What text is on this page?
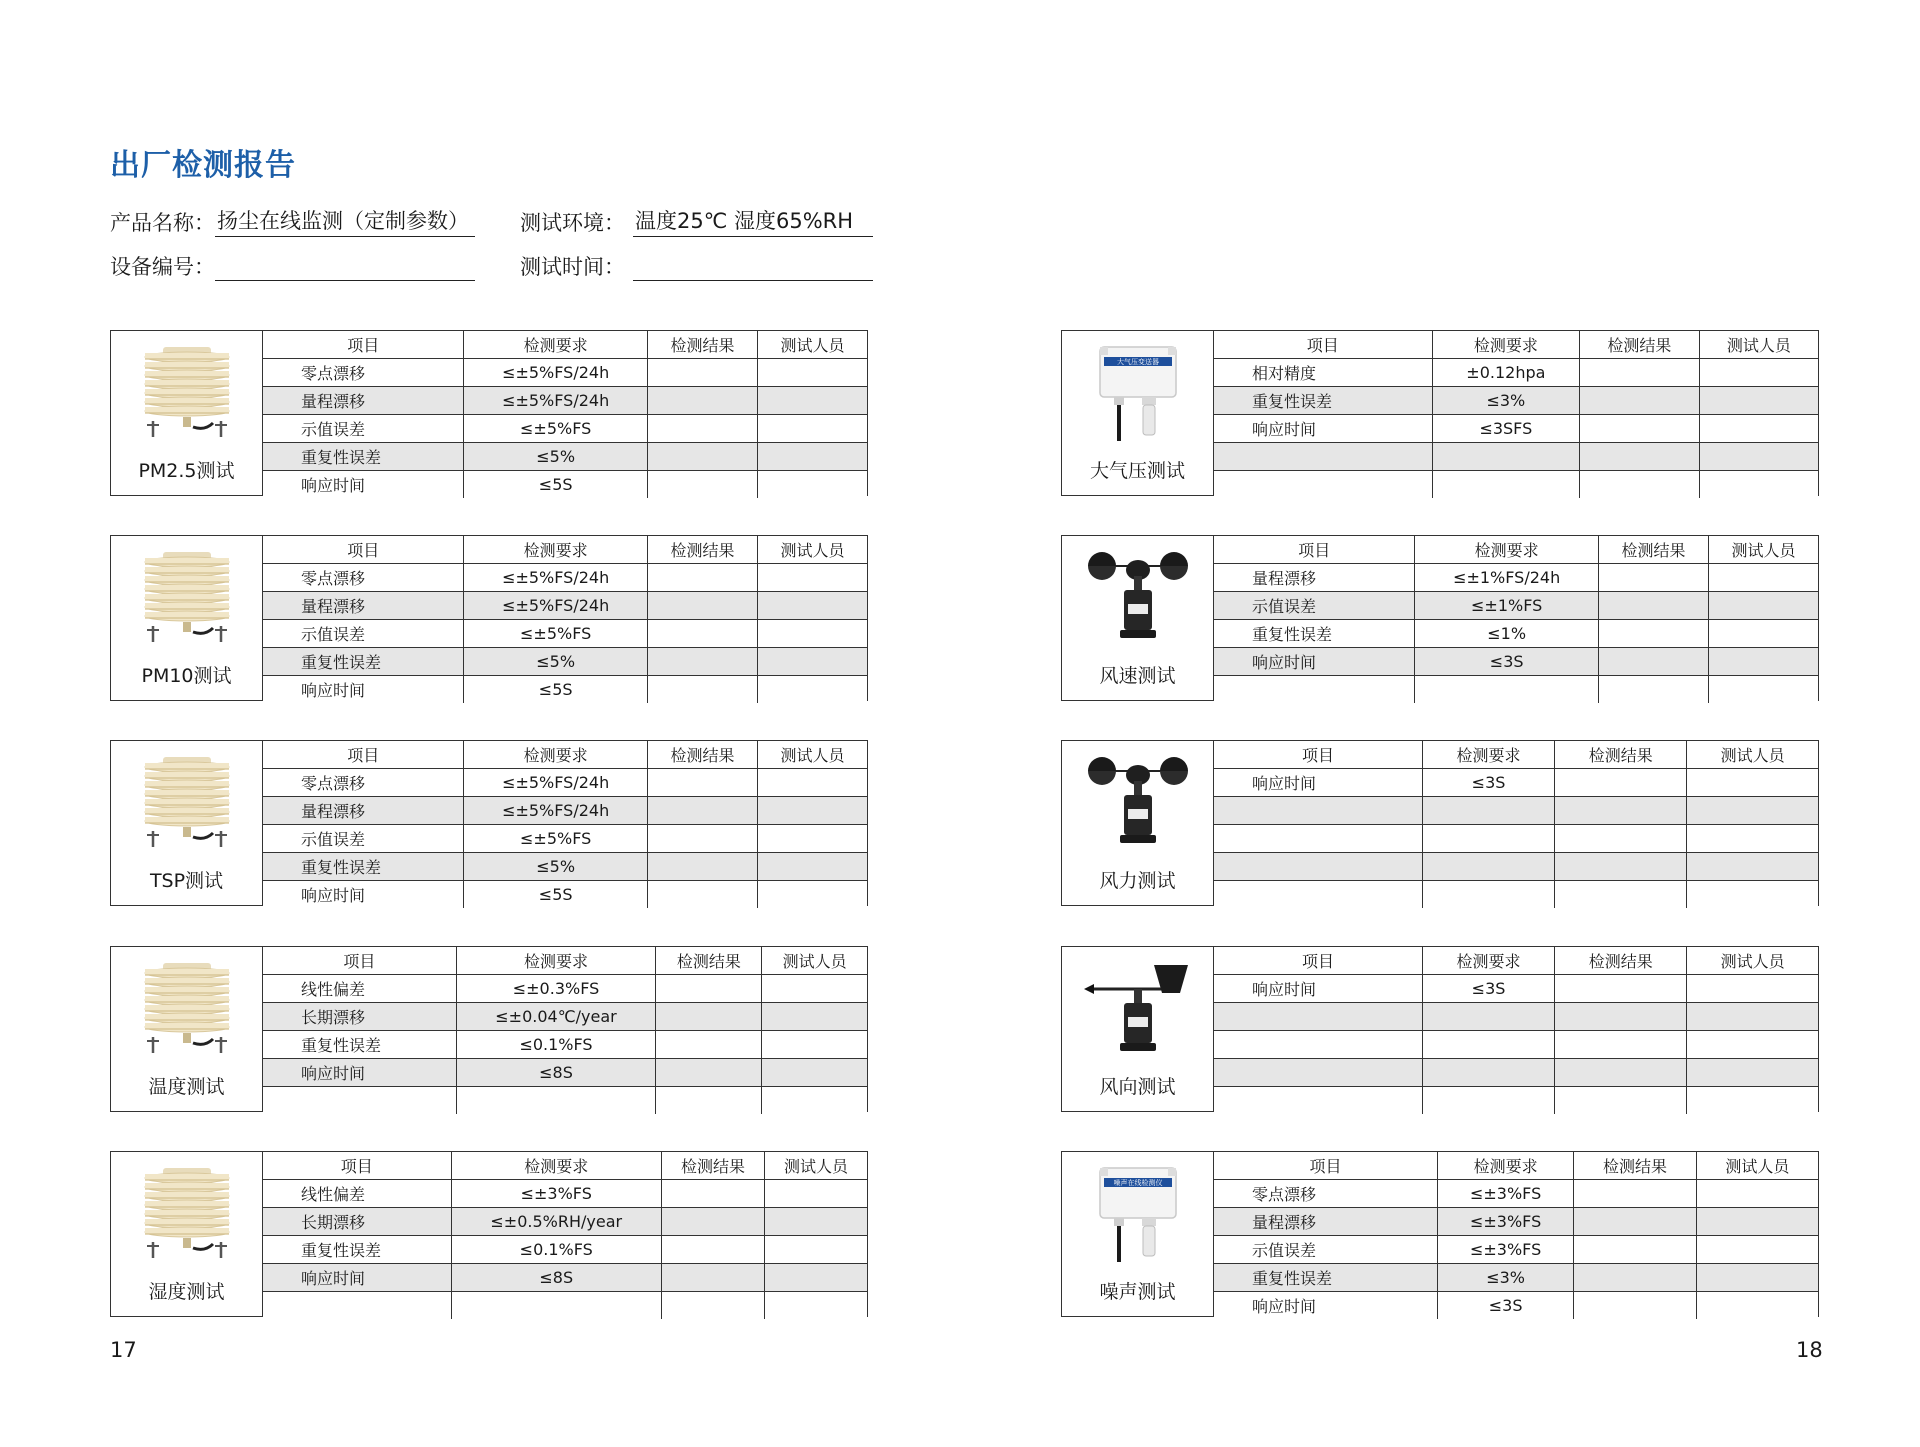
出厂检测报告
产品名称： 扬尘在线监测（定制参数） 测试环境： 温度25℃ 湿度65%RH
设备编号：	测试时间：
PM2.5测试
项目	检测要求	检测结果	测试人员
零点漂移	≤±5%FS/24h		
量程漂移	≤±5%FS/24h		
示值误差	≤±5%FS		
重复性误差	≤5%		
响应时间	≤5S		
PM10测试
项目	检测要求	检测结果	测试人员
零点漂移	≤±5%FS/24h		
量程漂移	≤±5%FS/24h		
示值误差	≤±5%FS		
重复性误差	≤5%		
响应时间	≤5S		
TSP测试
项目	检测要求	检测结果	测试人员
零点漂移	≤±5%FS/24h		
量程漂移	≤±5%FS/24h		
示值误差	≤±5%FS		
重复性误差	≤5%		
响应时间	≤5S		
温度测试
项目	检测要求	检测结果	测试人员
线性偏差	≤±0.3%FS		
长期漂移	≤±0.04℃/year		
重复性误差	≤0.1%FS		
响应时间	≤8S		

湿度测试
项目	检测要求	检测结果	测试人员
线性偏差	≤±3%FS		
长期漂移	≤±0.5%RH/year		
重复性误差	≤0.1%FS		
响应时间	≤8S		

大气压变送器
大气压测试
项目	检测要求	检测结果	测试人员
相对精度	±0.12hpa		
重复性误差	≤3%		
响应时间	≤3SFS		

风速测试
项目	检测要求	检测结果	测试人员
量程漂移	≤±1%FS/24h		
示值误差	≤±1%FS		
重复性误差	≤1%		
响应时间	≤3S		

风力测试
项目	检测要求	检测结果	测试人员
响应时间	≤3S		

风向测试
项目	检测要求	检测结果	测试人员
响应时间	≤3S		

噪声在线检测仪
噪声测试
项目	检测要求	检测结果	测试人员
零点漂移	≤±3%FS		
量程漂移	≤±3%FS		
示值误差	≤±3%FS		
重复性误差	≤3%		
响应时间	≤3S		
17	18
